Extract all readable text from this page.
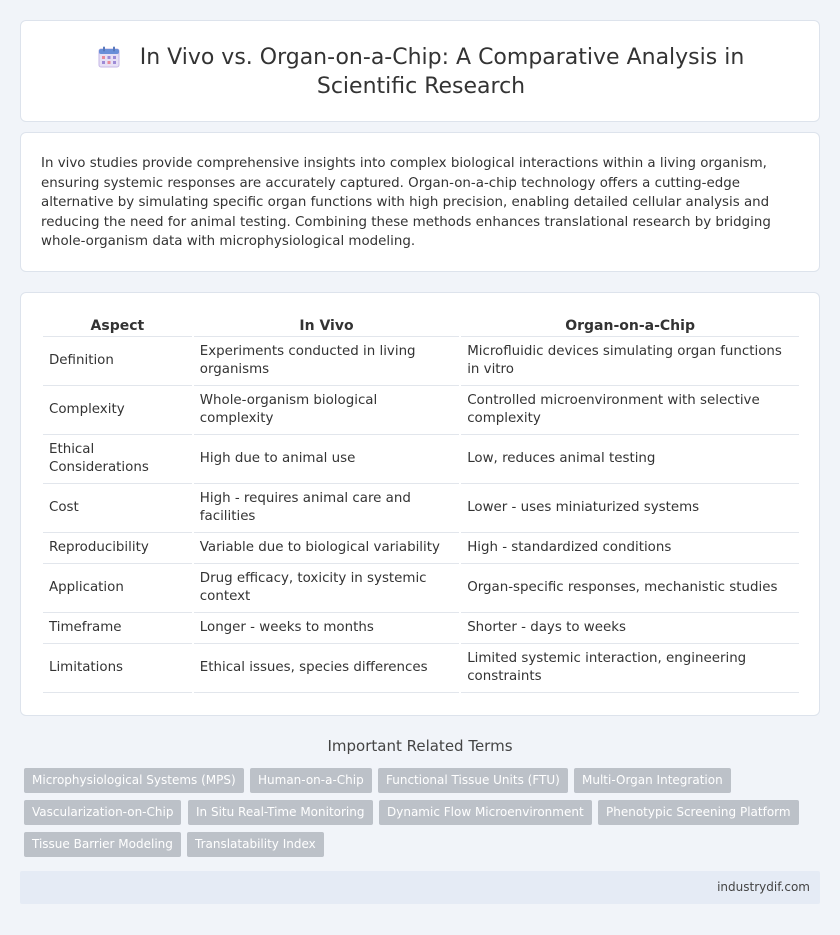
In Vivo vs. Organ-on-a-Chip: A Comparative Analysis in Scientific Research

In vivo studies provide comprehensive insights into complex biological interactions within a living organism, ensuring systemic responses are accurately captured. Organ-on-a-chip technology offers a cutting-edge alternative by simulating specific organ functions with high precision, enabling detailed cellular analysis and reducing the need for animal testing. Combining these methods enhances translational research by bridging whole-organism data with microphysiological modeling.

Aspect	In Vivo	Organ-on-a-Chip
Definition	Experiments conducted in living organisms	Microfluidic devices simulating organ functions in vitro
Complexity	Whole-organism biological complexity	Controlled microenvironment with selective complexity
Ethical Considerations	High due to animal use	Low, reduces animal testing
Cost	High - requires animal care and facilities	Lower - uses miniaturized systems
Reproducibility	Variable due to biological variability	High - standardized conditions
Application	Drug efficacy, toxicity in systemic context	Organ-specific responses, mechanistic studies
Timeframe	Longer - weeks to months	Shorter - days to weeks
Limitations	Ethical issues, species differences	Limited systemic interaction, engineering constraints
Important Related Terms
Microphysiological Systems (MPS)	Human-on-a-Chip	Functional Tissue Units (FTU)	Multi-Organ Integration
Vascularization-on-Chip	In Situ Real-Time Monitoring	Dynamic Flow Microenvironment	Phenotypic Screening Platform
Tissue Barrier Modeling	Translatability Index
industrydif.com
